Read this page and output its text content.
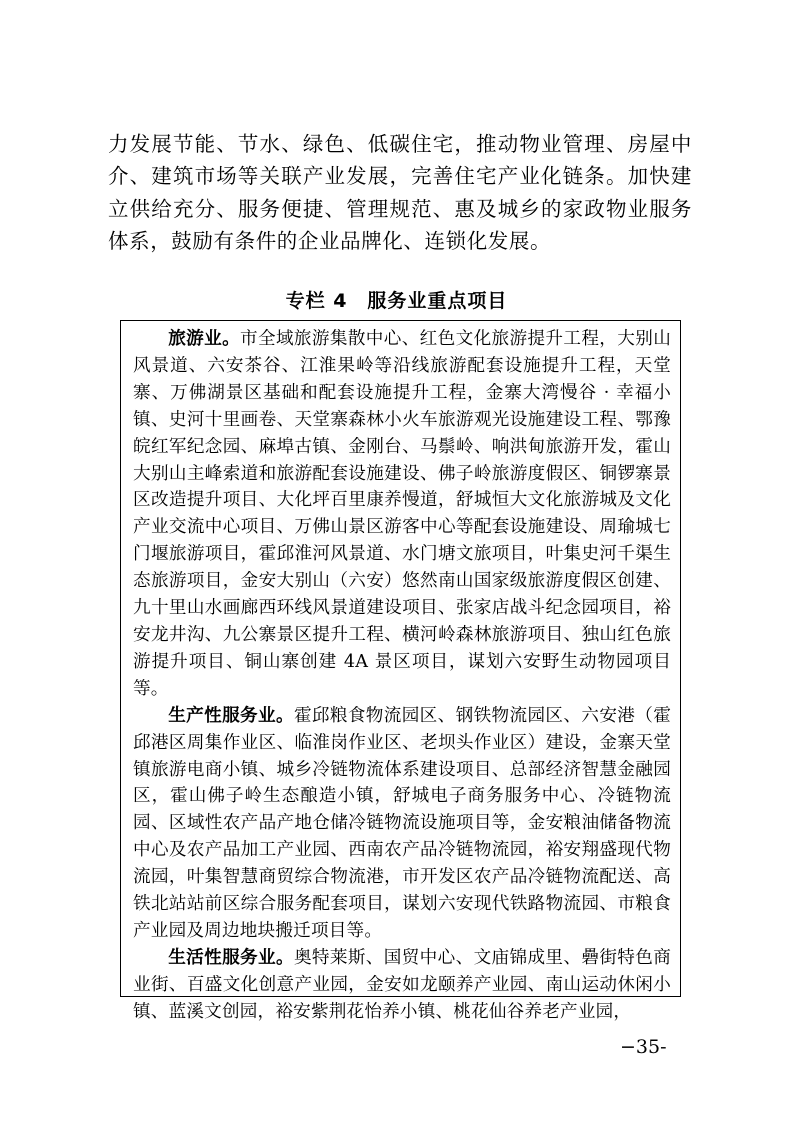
力发展节能、节水、绿色、低碳住宅，推动物业管理、房屋中介、建筑市场等关联产业发展，完善住宅产业化链条。加快建立供给充分、服务便捷、管理规范、惠及城乡的家政物业服务体系，鼓励有条件的企业品牌化、连锁化发展。

专栏 4　服务业重点项目

旅游业。市全域旅游集散中心、红色文化旅游提升工程，大别山风景道、六安茶谷、江淮果岭等沿线旅游配套设施提升工程，天堂寨、万佛湖景区基础和配套设施提升工程，金寨大湾慢谷 · 幸福小镇、史河十里画卷、天堂寨森林小火车旅游观光设施建设工程、鄂豫皖红军纪念园、麻埠古镇、金刚台、马鬃岭、响洪甸旅游开发，霍山大别山主峰索道和旅游配套设施建设、佛子岭旅游度假区、铜锣寨景区改造提升项目、大化坪百里康养慢道，舒城恒大文化旅游城及文化产业交流中心项目、万佛山景区游客中心等配套设施建设、周瑜城七门堰旅游项目，霍邱淮河风景道、水门塘文旅项目，叶集史河千渠生态旅游项目，金安大别山（六安）悠然南山国家级旅游度假区创建、九十里山水画廊西环线风景道建设项目、张家店战斗纪念园项目，裕安龙井沟、九公寨景区提升工程、横河岭森林旅游项目、独山红色旅游提升项目、铜山寨创建 4A 景区项目，谋划六安野生动物园项目等。

生产性服务业。霍邱粮食物流园区、钢铁物流园区、六安港（霍邱港区周集作业区、临淮岗作业区、老坝头作业区）建设，金寨天堂镇旅游电商小镇、城乡冷链物流体系建设项目、总部经济智慧金融园区，霍山佛子岭生态酿造小镇，舒城电子商务服务中心、冷链物流园、区域性农产品产地仓储冷链物流设施项目等，金安粮油储备物流中心及农产品加工产业园、西南农产品冷链物流园，裕安翔盛现代物流园，叶集智慧商贸综合物流港，市开发区农产品冷链物流配送、高铁北站站前区综合服务配套项目，谋划六安现代铁路物流园、市粮食产业园及周边地块搬迁项目等。

生活性服务业。奥特莱斯、国贸中心、文庙锦成里、礨街特色商业街、百盛文化创意产业园，金安如龙颐养产业园、南山运动休闲小镇、蓝溪文创园，裕安紫荆花怡养小镇、桃花仙谷养老产业园，

−35-
